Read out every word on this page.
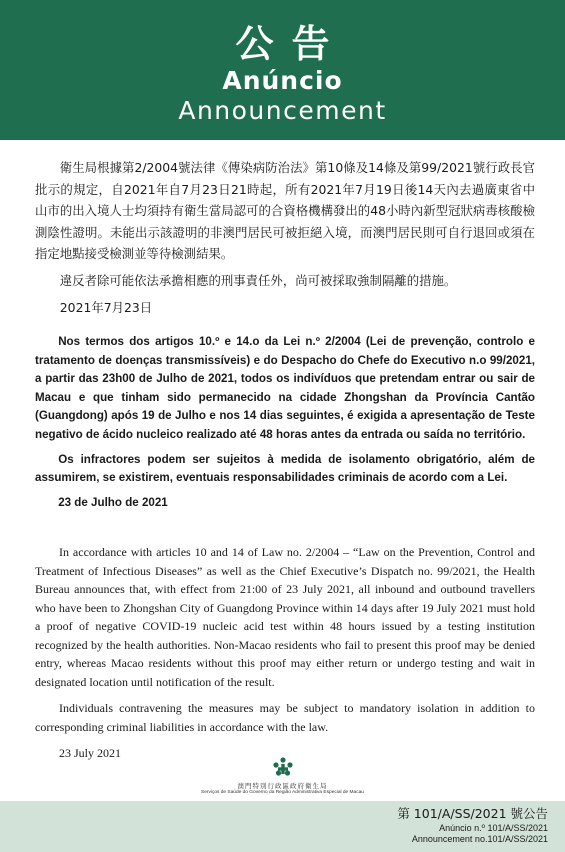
公告
Anúncio
Announcement

衛生局根據第2/2004號法律《傳染病防治法》第10條及14條及第99/2021號行政長官批示的規定，自2021年自7月23日21時起，所有2021年7月19日後14天內去過廣東省中山市的出入境人士均須持有衛生當局認可的合資格機構發出的48小時內新型冠狀病毒核酸檢測陰性證明。未能出示該證明的非澳門居民可被拒絕入境，而澳門居民則可自行退回或須在指定地點接受檢測並等待檢測結果。

違反者除可能依法承擔相應的刑事責任外，尚可被採取強制隔離的措施。

2021年7月23日

Nos termos dos artigos 10.º e 14.o da Lei n.º 2/2004 (Lei de prevenção, controlo e tratamento de doenças transmissíveis) e do Despacho do Chefe do Executivo n.o 99/2021, a partir das 23h00 de Julho de 2021, todos os indivíduos que pretendam entrar ou sair de Macau e que tinham sido permanecido na cidade Zhongshan da Província Cantão (Guangdong) após 19 de Julho e nos 14 dias seguintes, é exigida a apresentação de Teste negativo de ácido nucleico realizado até 48 horas antes da entrada ou saída no território.

Os infractores podem ser sujeitos à medida de isolamento obrigatório, além de assumirem, se existirem, eventuais responsabilidades criminais de acordo com a Lei.

23 de Julho de 2021

In accordance with articles 10 and 14 of Law no. 2/2004 – “Law on the Prevention, Control and Treatment of Infectious Diseases” as well as the Chief Executive’s Dispatch no. 99/2021, the Health Bureau announces that, with effect from 21:00 of 23 July 2021, all inbound and outbound travellers who have been to Zhongshan City of Guangdong Province within 14 days after 19 July 2021 must hold a proof of negative COVID-19 nucleic acid test within 48 hours issued by a testing institution recognized by the health authorities. Non-Macao residents who fail to present this proof may be denied entry, whereas Macao residents without this proof may either return or undergo testing and wait in designated location until notification of the result.

Individuals contravening the measures may be subject to mandatory isolation in addition to corresponding criminal liabilities in accordance with the law.

23 July 2021

澳門特別行政區政府衛生局
Serviços de Saúde do Governo da Região Administrativa Especial de Macau
第 101/A/SS/2021 號公告
Anúncio n.º 101/A/SS/2021
Announcement no.101/A/SS/2021
